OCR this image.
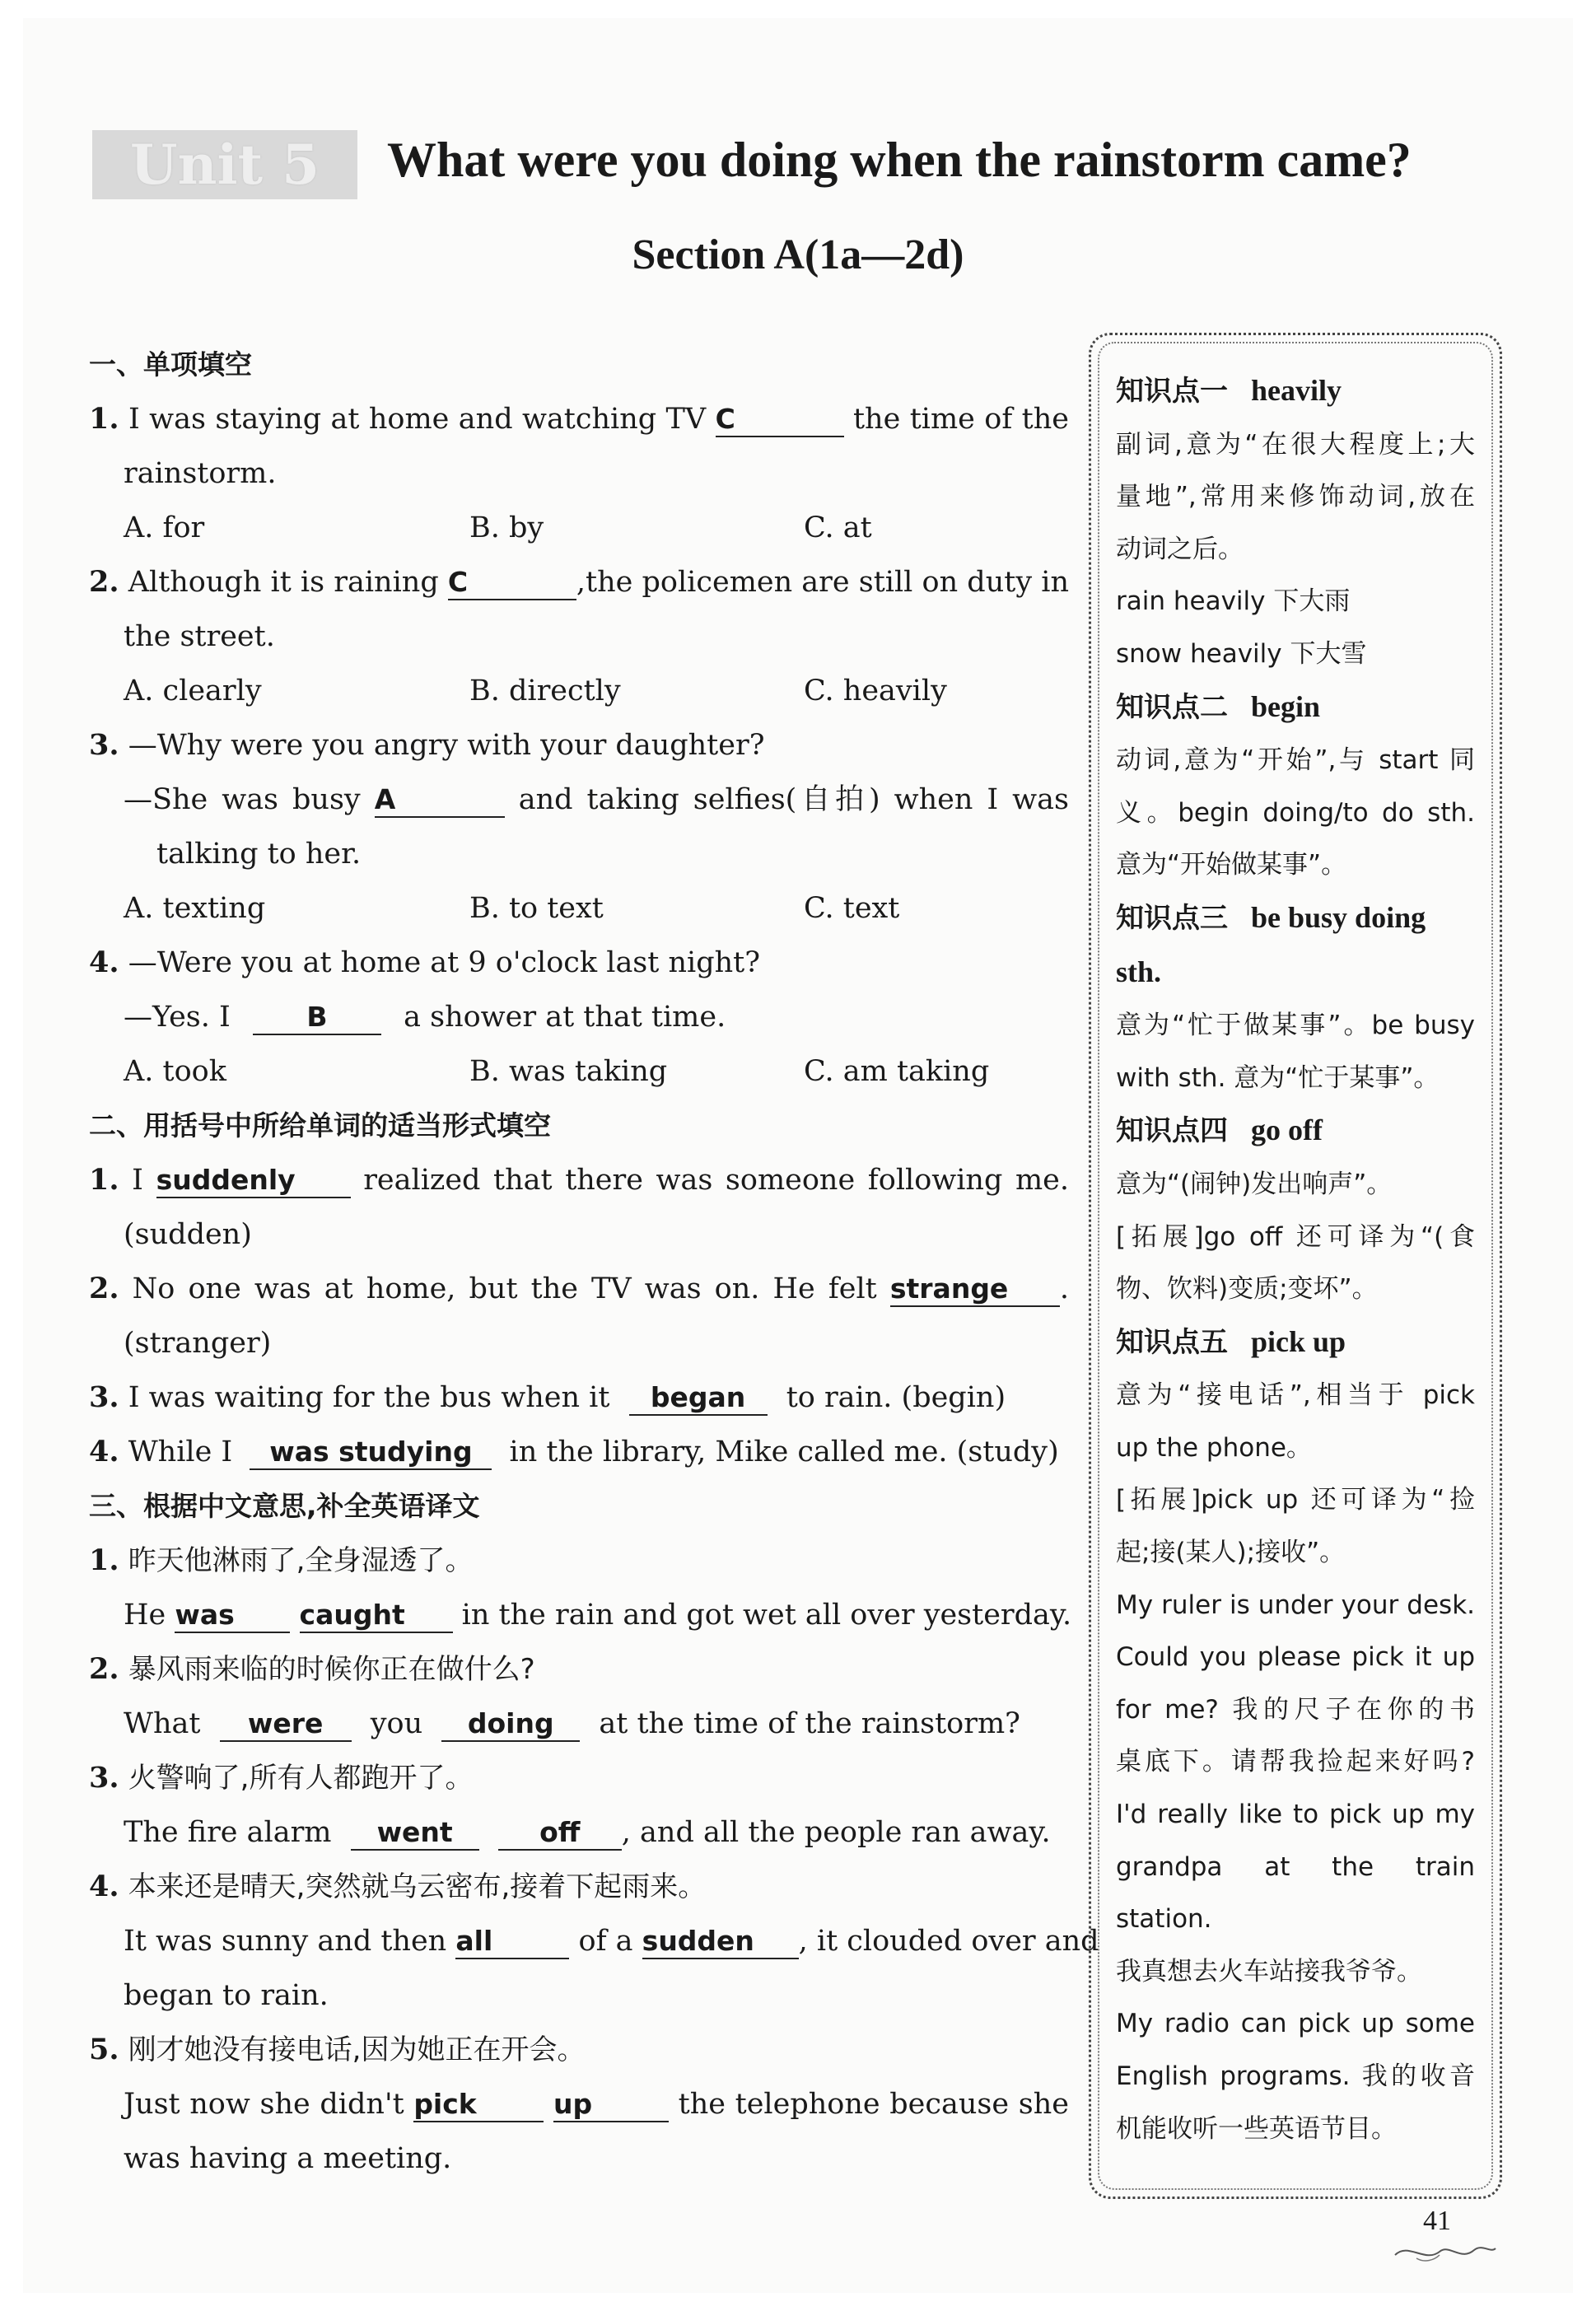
Unit 5	What were you doing when the rainstorm came?
Section A(1a—2d)
一、单项填空
1. I was staying at home and watching TV C	the time of the
rainstorm.
A. for	B. by	C. at
2. Although it is raining C	,the policemen are still on duty in
the street.
A. clearly	B. directly	C. heavily
3. —Why were you angry with your daughter?
—She was busy A	and taking selfies(自拍) when I was
talking to her.
A. texting	B. to text	C. text
4. —Were you at home at 9 o'clock last night?
—Yes. I	B	a shower at that time.
A. took	B. was taking	C. am taking
二、用括号中所给单词的适当形式填空
1. I suddenly realized that there was someone following me.
(sudden)
2. No one was at home, but the TV was on. He felt strange .
(stranger)
3. I was waiting for the bus when it began to rain. (begin)
4. While I was studying in the library, Mike called me. (study)
三、根据中文意思,补全英语译文
1. 昨天他淋雨了,全身湿透了。
He was caught in the rain and got wet all over yesterday.
2. 暴风雨来临的时候你正在做什么?
What were you doing at the time of the rainstorm?
3. 火警响了,所有人都跑开了。
The fire alarm went	off , and all the people ran away.
4. 本来还是晴天,突然就乌云密布,接着下起雨来。
It was sunny and then all	of a sudden , it clouded over and
began to rain.
5. 刚才她没有接电话,因为她正在开会。
Just now she didn't pick	up	the telephone because she
was having a meeting.
知识点一 heavily
副词,意为“在很大程度上;大
量地”,常用来修饰动词,放在
动词之后。
rain heavily 下大雨
snow heavily 下大雪
知识点二 begin
动词,意为“开始”,与 start 同
义。begin doing/to do sth.
意为“开始做某事”。
知识点三 be busy doing
sth.
意为“忙于做某事”。be busy
with sth. 意为“忙于某事”。
知识点四 go off
意为“(闹钟)发出响声”。
[拓展]go off 还可译为“(食
物、饮料)变质;变坏”。
知识点五 pick up
意为“接电话”,相当于 pick
up the phone。
[拓展]pick up 还可译为“捡
起;接(某人);接收”。
My ruler is under your desk.
Could you please pick it up
for me? 我的尺子在你的书
桌底下。请帮我捡起来好吗?
I'd really like to pick up my
grandpa at the train station.
我真想去火车站接我爷爷。
My radio can pick up some
English programs. 我的收音
机能收听一些英语节目。
41
